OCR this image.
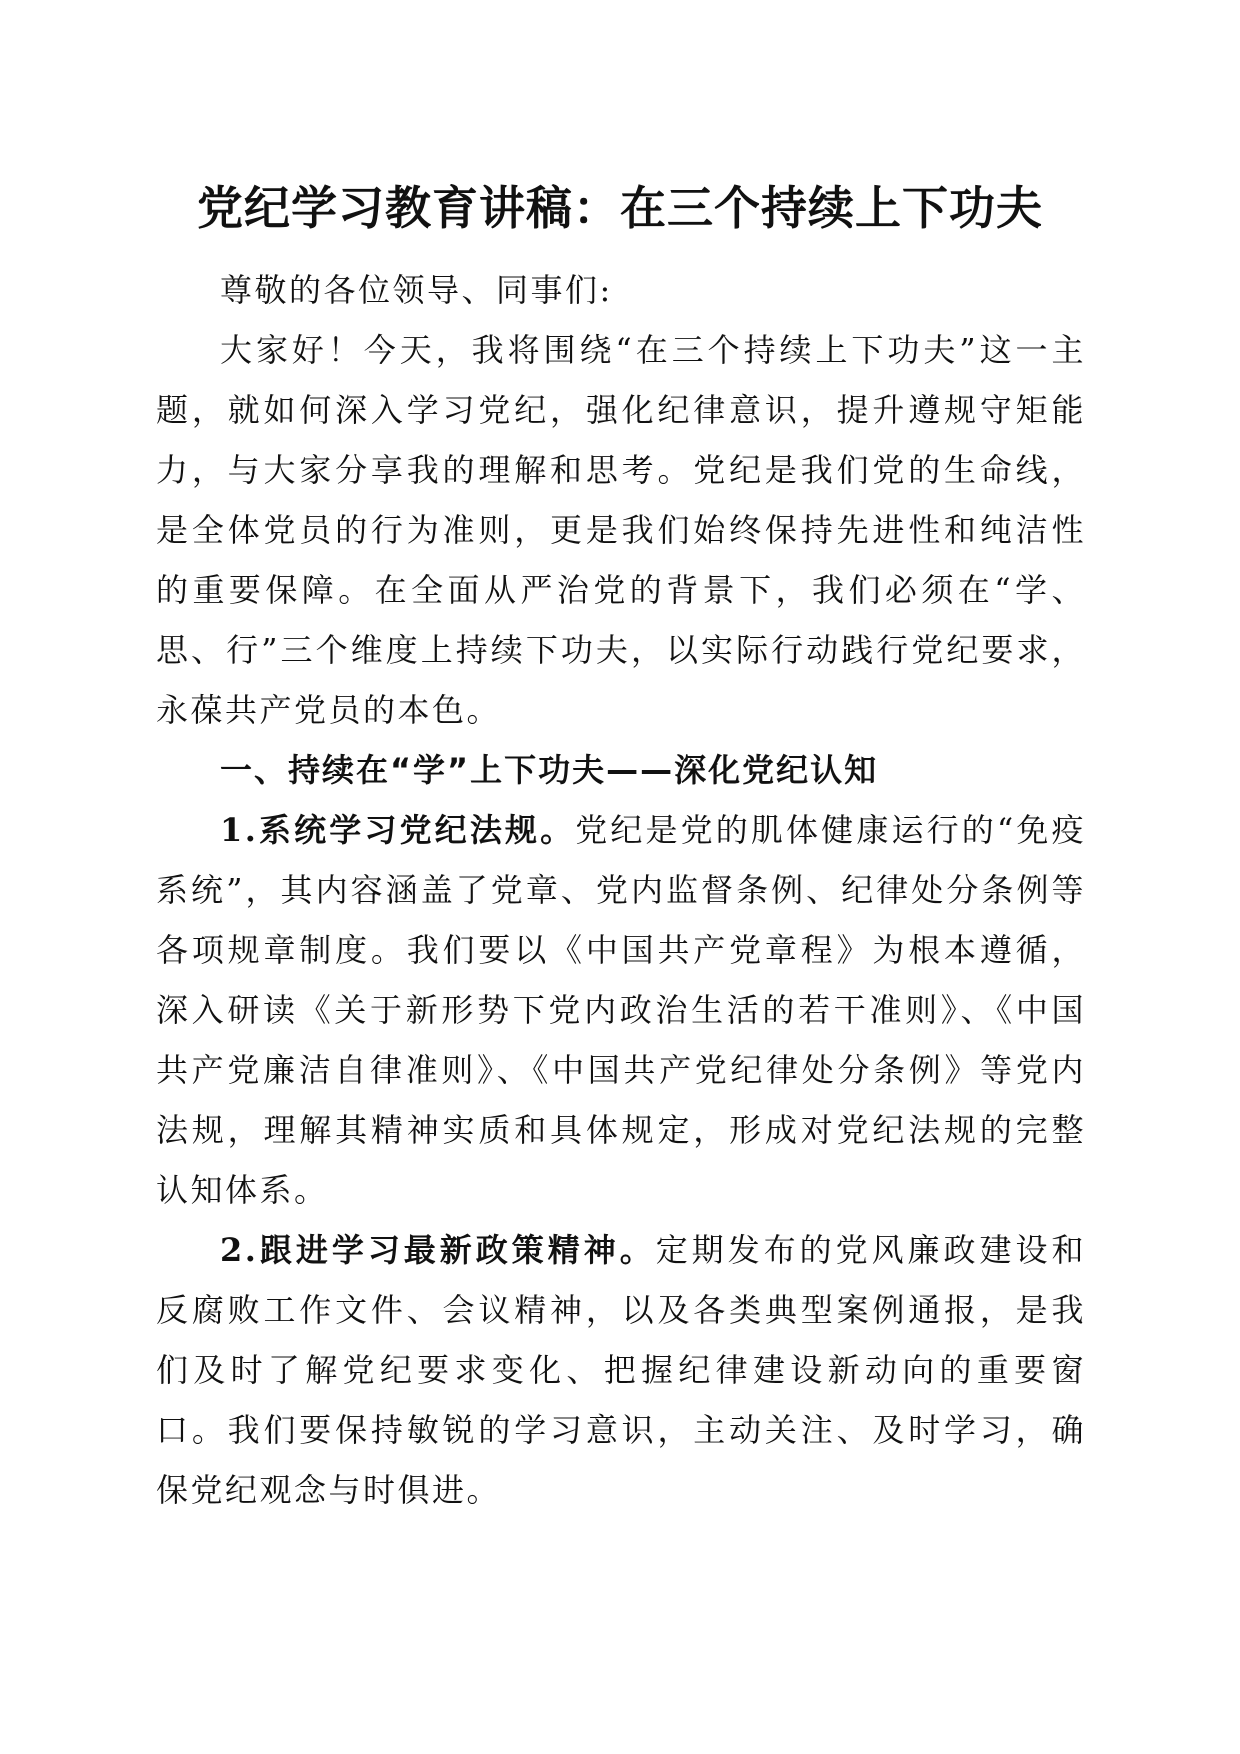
党纪学习教育讲稿：在三个持续上下功夫

尊敬的各位领导、同事们:

大家好！今天，我将围绕“在三个持续上下功夫”这一主题，就如何深入学习党纪，强化纪律意识，提升遵规守矩能力，与大家分享我的理解和思考。党纪是我们党的生命线，是全体党员的行为准则，更是我们始终保持先进性和纯洁性的重要保障。在全面从严治党的背景下，我们必须在“学、思、行”三个维度上持续下功夫，以实际行动践行党纪要求，永葆共产党员的本色。

一、持续在“学”上下功夫——深化党纪认知

1.系统学习党纪法规。党纪是党的肌体健康运行的“免疫系统”，其内容涵盖了党章、党内监督条例、纪律处分条例等各项规章制度。我们要以《中国共产党章程》为根本遵循，深入研读《关于新形势下党内政治生活的若干准则》、《中国共产党廉洁自律准则》、《中国共产党纪律处分条例》等党内法规，理解其精神实质和具体规定，形成对党纪法规的完整认知体系。

2.跟进学习最新政策精神。定期发布的党风廉政建设和反腐败工作文件、会议精神，以及各类典型案例通报，是我们及时了解党纪要求变化、把握纪律建设新动向的重要窗口。我们要保持敏锐的学习意识，主动关注、及时学习，确保党纪观念与时俱进。
